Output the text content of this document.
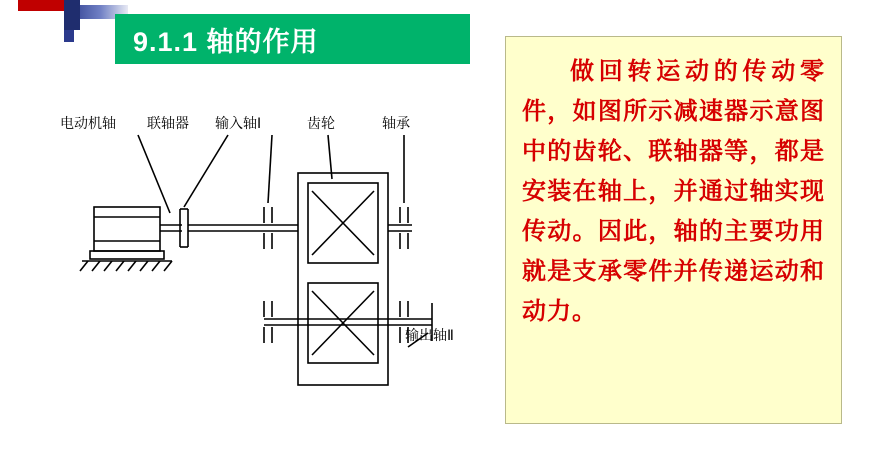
9.1.1 轴的作用
做回转运动的传动零件，如图所示减速器示意图中的齿轮、联轴器等，都是安装在轴上，并通过轴实现传动。因此，轴的主要功用就是支承零件并传递运动和动力。
电动机轴 联轴器 输入轴Ⅰ	齿轮	轴承
输出轴Ⅱ
